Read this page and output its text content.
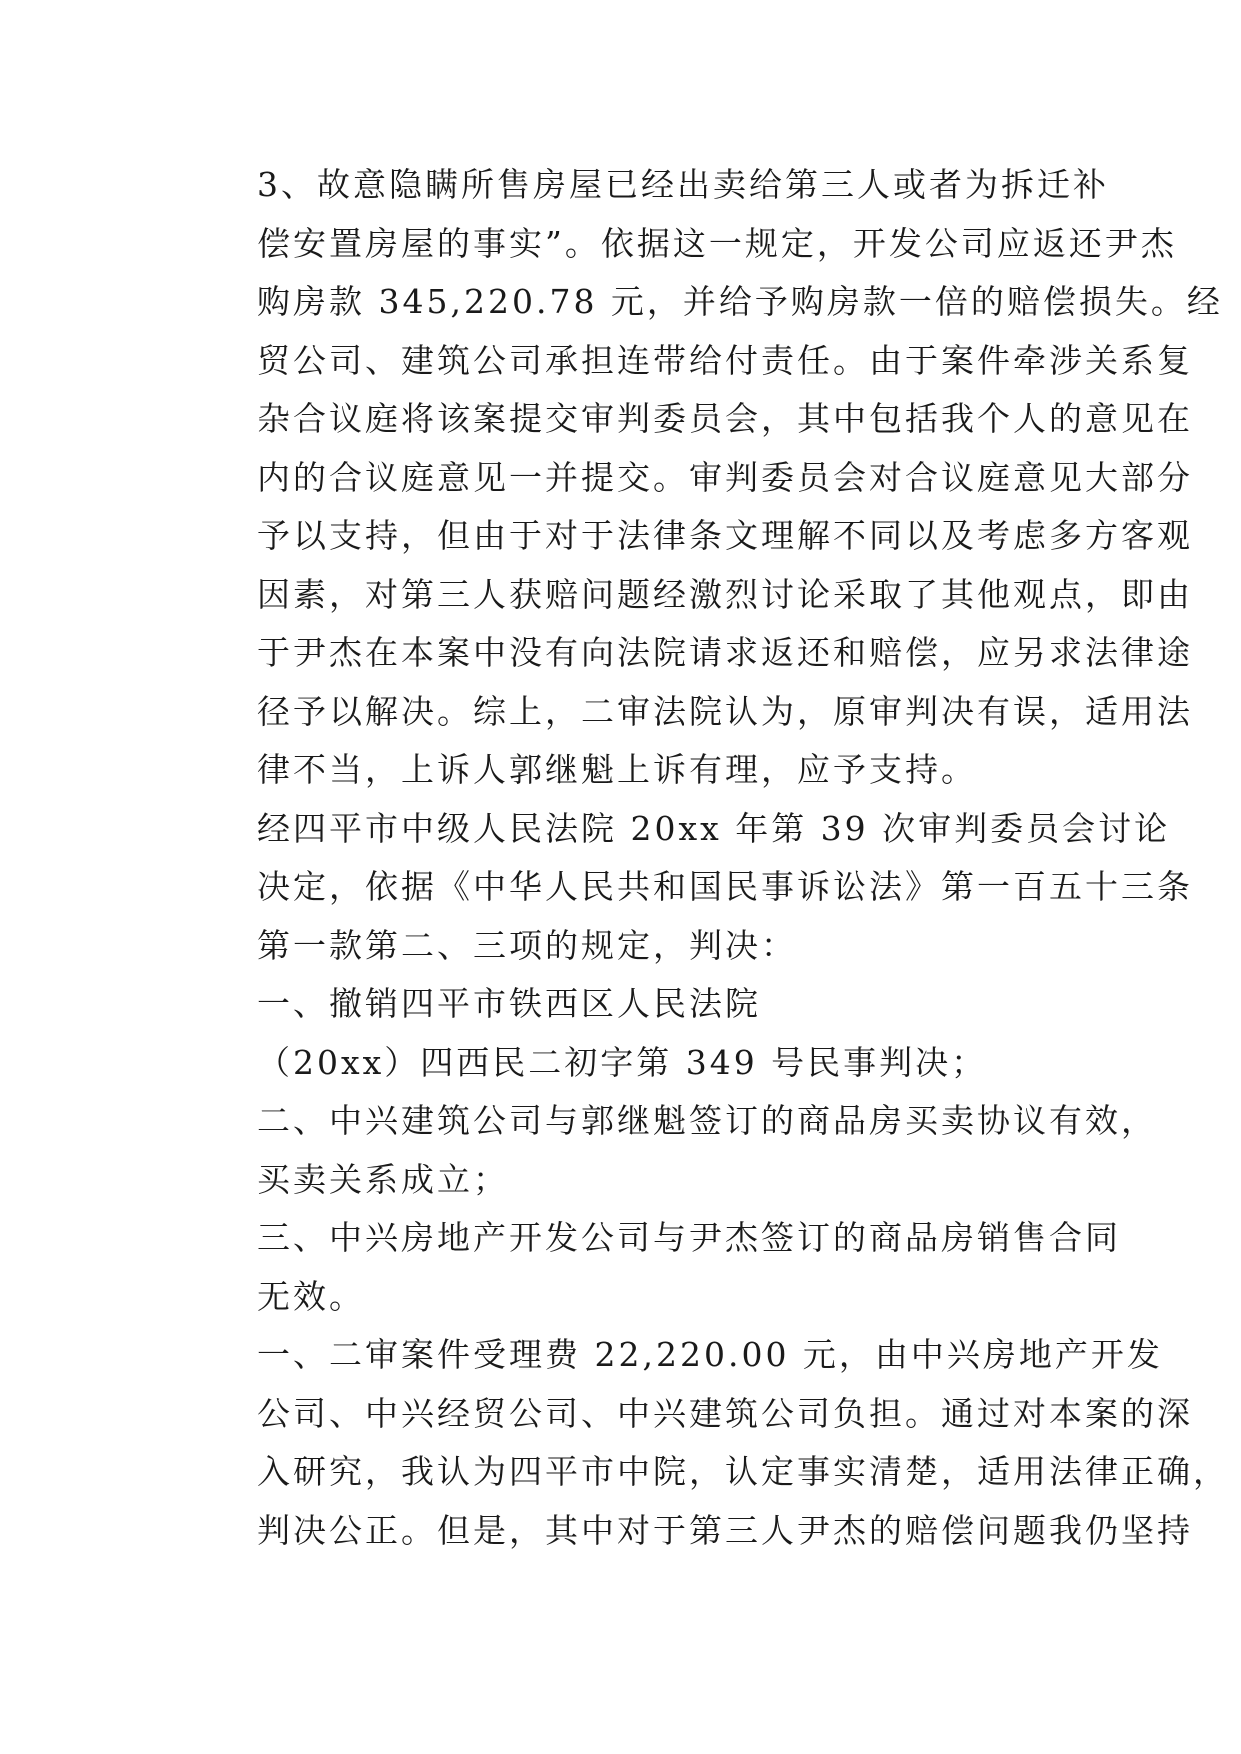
3、故意隐瞒所售房屋已经出卖给第三人或者为拆迁补
偿安置房屋的事实”。依据这一规定，开发公司应返还尹杰
购房款 345,220.78 元，并给予购房款一倍的赔偿损失。经
贸公司、建筑公司承担连带给付责任。由于案件牵涉关系复
杂合议庭将该案提交审判委员会，其中包括我个人的意见在
内的合议庭意见一并提交。审判委员会对合议庭意见大部分
予以支持，但由于对于法律条文理解不同以及考虑多方客观
因素，对第三人获赔问题经激烈讨论采取了其他观点，即由
于尹杰在本案中没有向法院请求返还和赔偿，应另求法律途
径予以解决。综上，二审法院认为，原审判决有误，适用法
律不当，上诉人郭继魁上诉有理，应予支持。

经四平市中级人民法院 20xx 年第 39 次审判委员会讨论
决定，依据《中华人民共和国民事诉讼法》第一百五十三条
第一款第二、三项的规定，判决：

一、撤销四平市铁西区人民法院

（20xx）四西民二初字第 349 号民事判决；

二、中兴建筑公司与郭继魁签订的商品房买卖协议有效，
买卖关系成立；

三、中兴房地产开发公司与尹杰签订的商品房销售合同
无效。

一、二审案件受理费 22,220.00 元，由中兴房地产开发
公司、中兴经贸公司、中兴建筑公司负担。通过对本案的深
入研究，我认为四平市中院，认定事实清楚，适用法律正确，
判决公正。但是，其中对于第三人尹杰的赔偿问题我仍坚持
